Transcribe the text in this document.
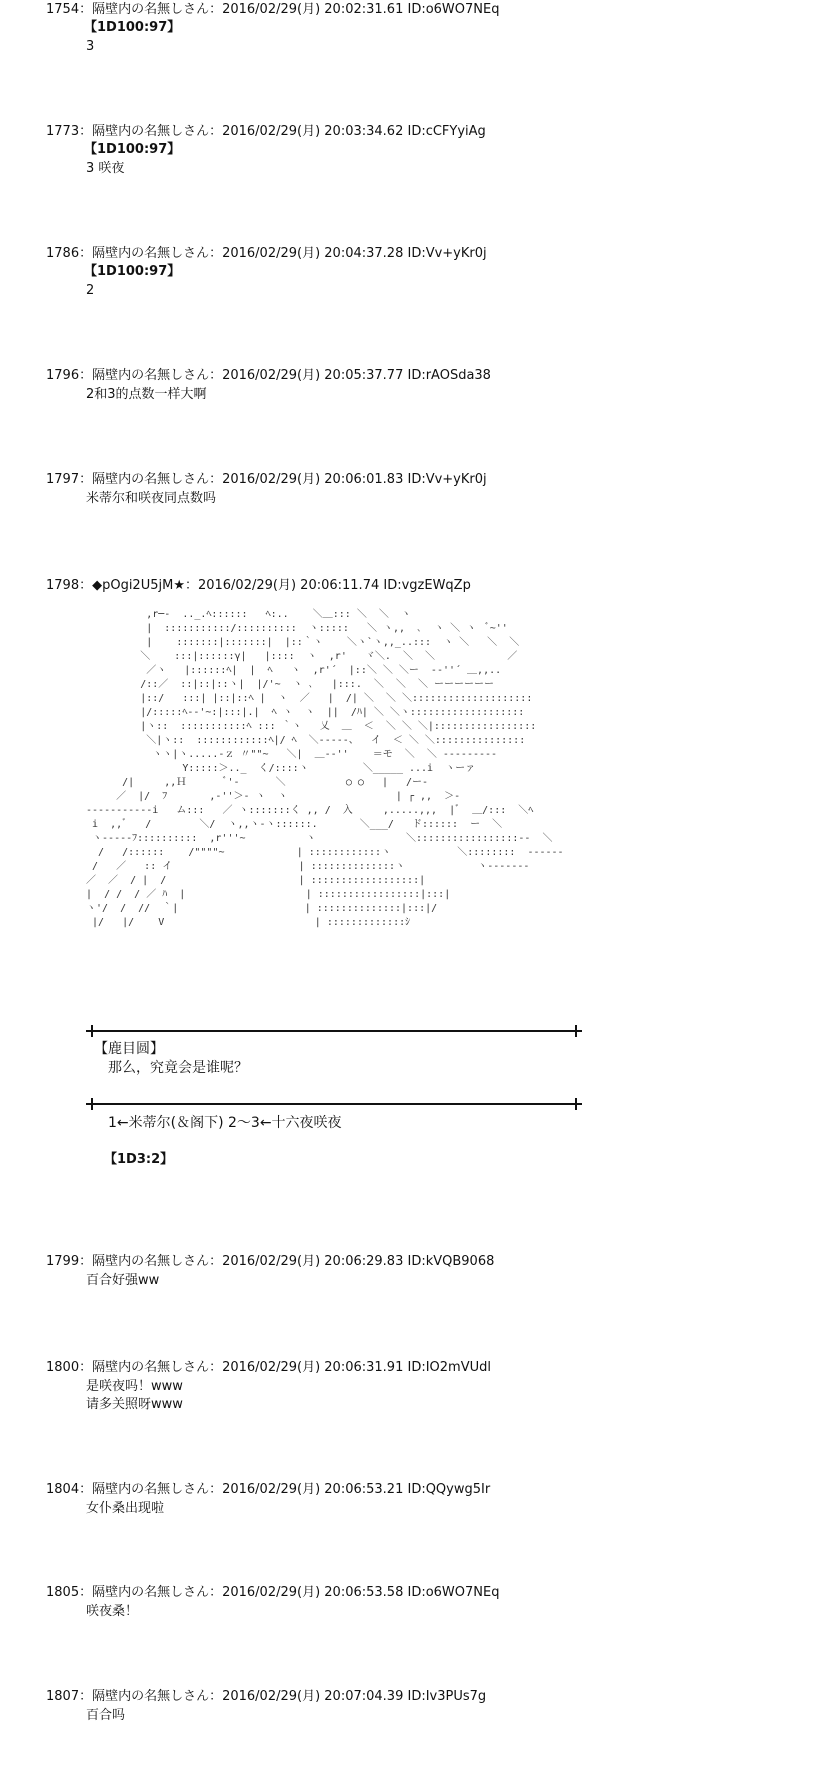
1754：隔壁内の名無しさん：2016/02/29(月) 20:02:31.61 ID:o6WO7NEq
【1D100:97】
3
1773：隔壁内の名無しさん：2016/02/29(月) 20:03:34.62 ID:cCFYyiAg
【1D100:97】
3 咲夜
1786：隔壁内の名無しさん：2016/02/29(月) 20:04:37.28 ID:Vv+yKr0j
【1D100:97】
2
1796：隔壁内の名無しさん：2016/02/29(月) 20:05:37.77 ID:rAOSda38
2和3的点数一样大啊
1797：隔壁内の名無しさん：2016/02/29(月) 20:06:01.83 ID:Vv+yKr0j
米蒂尔和咲夜同点数吗
1798：◆pOgi2U5jM★：2016/02/29(月) 20:06:11.74 ID:vgzEWqZp
,r─-  .._.ﾍ::::::   ﾍ:..    ＼＿::: ＼  ＼  ヽ
|  :::::::::::/::::::::::  ヽ:::::   ＼ ヽ,,  ､  ヽ ＼ ヽ  ﾞ~''
|    :::::::|:::::::|  |::｀ヽ    ＼ヽ`ヽ,,_..:::  ヽ ＼   ＼  ＼
＼    :::|::::::γ|   |::::  ヽ  ,r'   ヾ＼.  ＼  ＼            ／
／ヽ   |::::::ﾍ|  |  ﾍ   ヽ  ,r'´  |::＼ ＼ ＼ー  ‐‐''´ ＿,,..
/::／  ::|::|::ヽ|  |/'~  ヽ ､   |:::.  ＼  ＼  ＼ ーーーーーー
|::/   :::| |::|::ﾍ |  ヽ  ／   |  /| ＼  ＼ ＼::::::::::::::::::::
|/:::::ﾍ--'~:|:::|.|  ﾍ ヽ  ヽ  ||  /ﾊ| ＼ ＼ヽ:::::::::::::::::::
|ヽ::  :::::::::::ﾍ ::: ｀ヽ   乂  ＿  ＜  ＼ ＼ ＼|:::::::::::::::::
＼|ヽ::  ::::::::::::ﾍ|/ ﾍ  ＼-----、  イ  ＜ ＼ ＼:::::::::::::::
ヽヽ|ヽ.....-ｚ 〃""~   ＼|  ＿--''    ＝モ  ＼  ＼ ---------
Y:::::＞.._  く/::::ヽ         ＼_____ ...i  ヽーァ
/|     ,,Ｈ      ﾞ'-      ＼          ○ ○   |   /ー-
／  |/  ﾌ       ,-''＞- ヽ  ヽ                  | ┌ ,,  ＞-
-----------i   ム:::   ／ ヽ:::::::く ,, /  入     ,.....,,,  |ﾞ  ＿/:::  ＼ﾍ
i  ,,ﾞ   /        ＼/  ヽ,,ヽ-ヽ::::::.       ＼___/   ド::::::  ー  ＼
ヽ-----ﾌ::::::::::  ,r'''~          ヽ               ＼:::::::::::::::::--  ＼
/   /::::::    /""""~            | ::::::::::::ヽ           ＼::::::::  ------
/   ／   :: イ                     | ::::::::::::::ヽ            ヽ-------
／  ／  / |  /                      | ::::::::::::::::::|
|  / /  / ／ ﾊ  |                    | :::::::::::::::::|:::|
ヽ'/  /  //  ｀|                     | ::::::::::::::|:::|/
|/   |/    V                         | :::::::::::::ｼ
【鹿目圆】
那么，究竟会是谁呢？
1←米蒂尔(＆阁下) 2～3←十六夜咲夜
【1D3:2】
1799：隔壁内の名無しさん：2016/02/29(月) 20:06:29.83 ID:kVQB9068
百合好强ww
1800：隔壁内の名無しさん：2016/02/29(月) 20:06:31.91 ID:IO2mVUdl
是咲夜吗！www
请多关照呀www
1804：隔壁内の名無しさん：2016/02/29(月) 20:06:53.21 ID:QQywg5Ir
女仆桑出现啦
1805：隔壁内の名無しさん：2016/02/29(月) 20:06:53.58 ID:o6WO7NEq
咲夜桑！
1807：隔壁内の名無しさん：2016/02/29(月) 20:07:04.39 ID:Iv3PUs7g
百合吗
